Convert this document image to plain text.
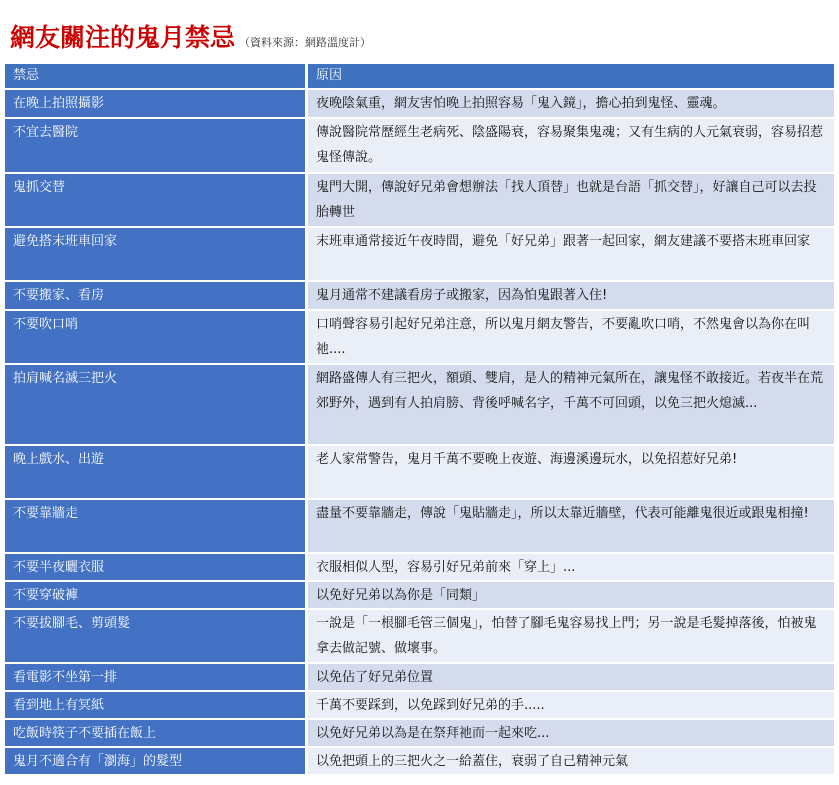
網友關注的鬼月禁忌 （資料來源：網路溫度計）
禁忌	原因
在晚上拍照攝影	夜晚陰氣重，網友害怕晚上拍照容易「鬼入鏡」，擔心拍到鬼怪、靈魂。
不宜去醫院	傳說醫院常歷經生老病死、陰盛陽衰，容易聚集鬼魂；又有生病的人元氣衰弱，容易招惹鬼怪傳說。
鬼抓交替	鬼門大開，傳說好兄弟會想辦法「找人頂替」也就是台語「抓交替」，好讓自己可以去投胎轉世
避免搭末班車回家	末班車通常接近午夜時間，避免「好兄弟」跟著一起回家，網友建議不要搭末班車回家
不要搬家、看房	鬼月通常不建議看房子或搬家，因為怕鬼跟著入住!
不要吹口哨	口哨聲容易引起好兄弟注意，所以鬼月網友警告，不要亂吹口哨，不然鬼會以為你在叫祂....
拍肩喊名滅三把火	網路盛傳人有三把火，額頭、雙肩，是人的精神元氣所在，讓鬼怪不敢接近。若夜半在荒郊野外，遇到有人拍肩膀、背後呼喊名字，千萬不可回頭，以免三把火熄滅...
晚上戲水、出遊	老人家常警告，鬼月千萬不要晚上夜遊、海邊溪邊玩水，以免招惹好兄弟!
不要靠牆走	盡量不要靠牆走，傳說「鬼貼牆走」，所以太靠近牆壁，代表可能離鬼很近或跟鬼相撞!
不要半夜曬衣服	衣服相似人型，容易引好兄弟前來「穿上」...
不要穿破褲	以免好兄弟以為你是「同類」
不要拔腳毛、剪頭髮	一說是「一根腳毛管三個鬼」，怕替了腳毛鬼容易找上門；另一說是毛髮掉落後，怕被鬼拿去做記號、做壞事。
看電影不坐第一排	以免佔了好兄弟位置
看到地上有冥紙	千萬不要踩到，以免踩到好兄弟的手.....
吃飯時筷子不要插在飯上	以免好兄弟以為是在祭拜祂而一起來吃...
鬼月不適合有「瀏海」的髮型	以免把頭上的三把火之一給蓋住，衰弱了自己精神元氣
